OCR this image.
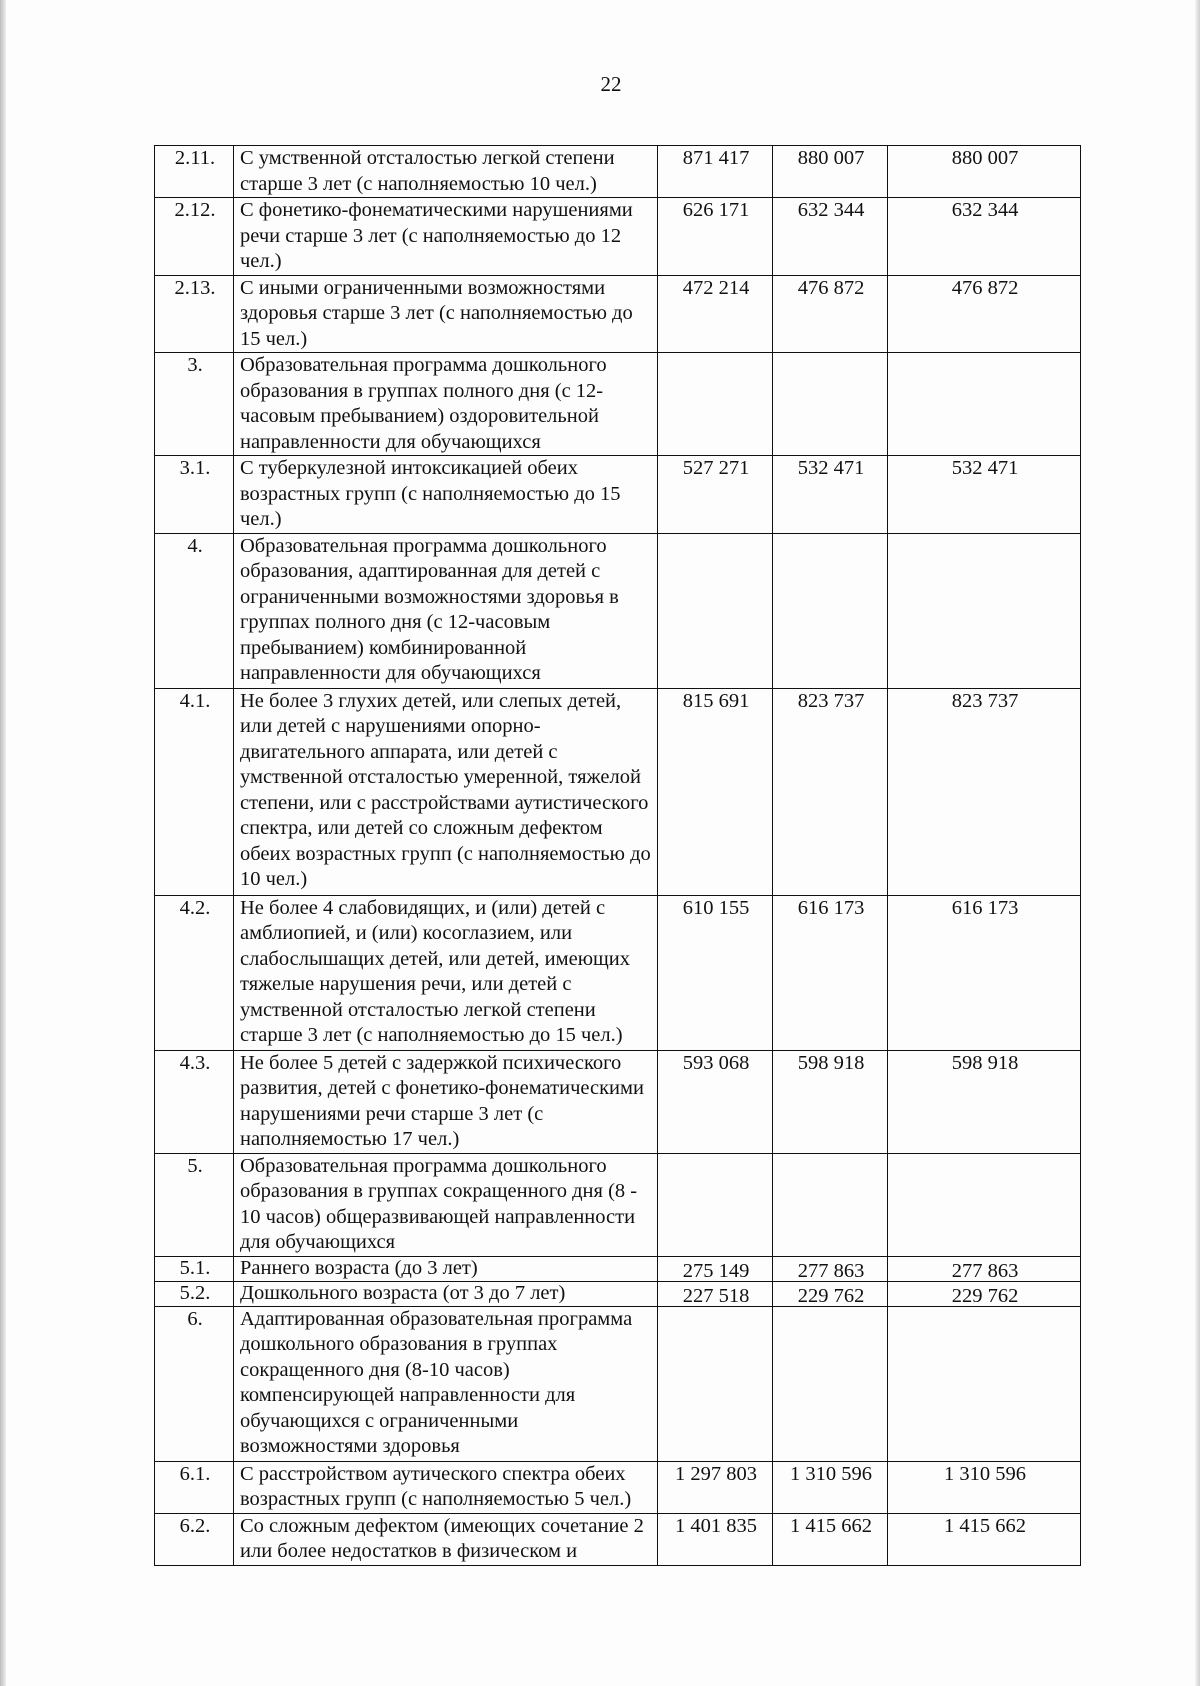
22
2.11.	С умственной отсталостью легкой степени старше 3 лет (с наполняемостью 10 чел.)	871 417	880 007	880 007
2.12.	С фонетико-фонематическими нарушениями речи старше 3 лет (с наполняемостью до 12 чел.)	626 171	632 344	632 344
2.13.	С иными ограниченными возможностями здоровья старше 3 лет (с наполняемостью до 15 чел.)	472 214	476 872	476 872
3.	Образовательная программа дошкольного образования в группах полного дня (с 12-часовым пребыванием) оздоровительной направленности для обучающихся			
3.1.	С туберкулезной интоксикацией обеих возрастных групп (с наполняемостью до 15 чел.)	527 271	532 471	532 471
4.	Образовательная программа дошкольного образования, адаптированная для детей с ограниченными возможностями здоровья в группах полного дня (с 12-часовым пребыванием) комбинированной направленности для обучающихся			
4.1.	Не более 3 глухих детей, или слепых детей, или детей с нарушениями опорно-двигательного аппарата, или детей с умственной отсталостью умеренной, тяжелой степени, или с расстройствами аутистического спектра, или детей со сложным дефектом обеих возрастных групп (с наполняемостью до 10 чел.)	815 691	823 737	823 737
4.2.	Не более 4 слабовидящих, и (или) детей с амблиопией, и (или) косоглазием, или слабослышащих детей, или детей, имеющих тяжелые нарушения речи, или детей с умственной отсталостью легкой степени старше 3 лет (с наполняемостью до 15 чел.)	610 155	616 173	616 173
4.3.	Не более 5 детей с задержкой психического развития, детей с фонетико-фонематическими нарушениями речи старше 3 лет (с наполняемостью 17 чел.)	593 068	598 918	598 918
5.	Образовательная программа дошкольного образования в группах сокращенного дня (8 - 10 часов) общеразвивающей направленности для обучающихся			
5.1.	Раннего возраста (до 3 лет)	275 149	277 863	277 863
5.2.	Дошкольного возраста (от 3 до 7 лет)	227 518	229 762	229 762
6.	Адаптированная образовательная программа дошкольного образования в группах сокращенного дня (8-10 часов) компенсирующей направленности для обучающихся с ограниченными возможностями здоровья			
6.1.	С расстройством аутического спектра обеих возрастных групп (с наполняемостью 5 чел.)	1 297 803	1 310 596	1 310 596
6.2.	Со сложным дефектом (имеющих сочетание 2 или более недостатков в физическом и	1 401 835	1 415 662	1 415 662
